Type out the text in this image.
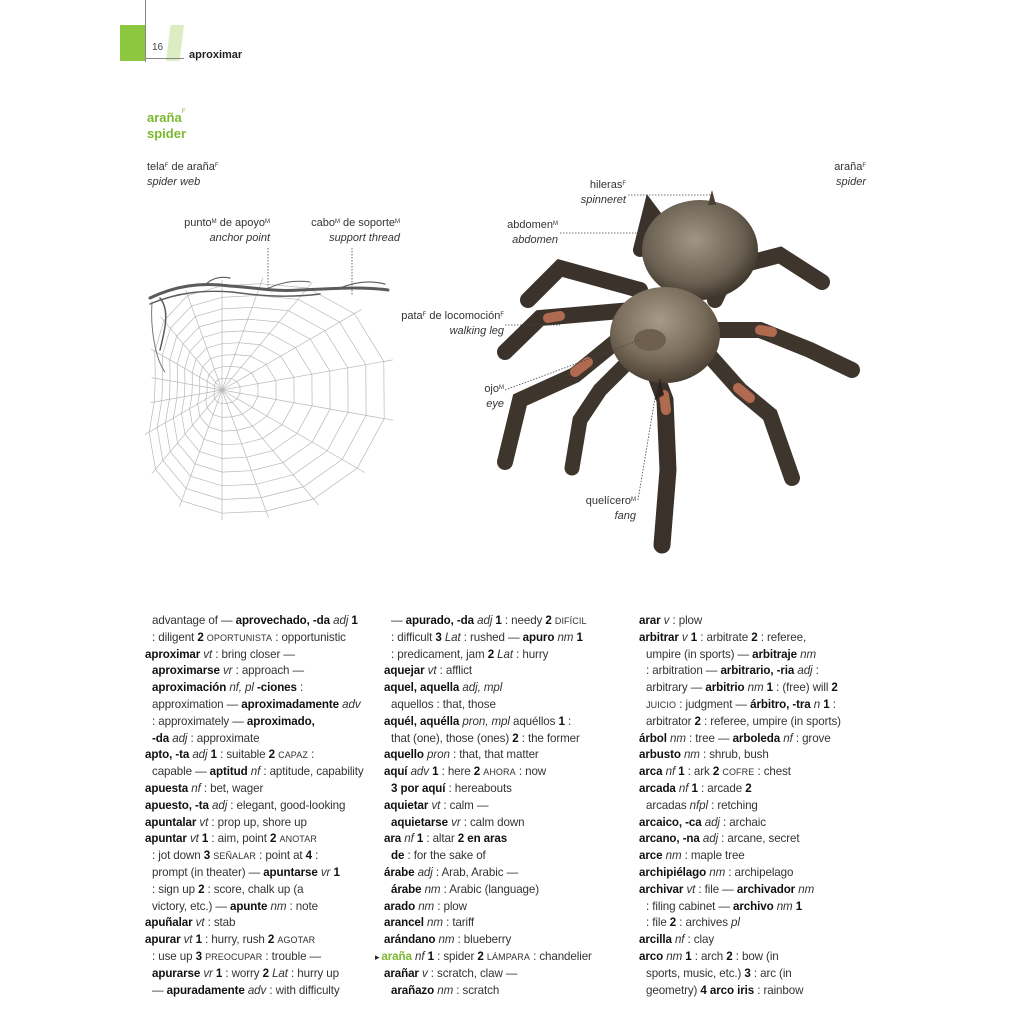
16
aproximar
araña$^F$
spider
tela$^F$ de araña$^F$
spider web
punto$^M$ de apoyo$^M$
anchor point
cabo$^M$ de soporte$^M$
support thread
araña$^F$
spider
hileras$^F$
spinneret
abdomen$^M$
abdomen
pata$^F$ de locomoción$^F$
walking leg
ojo$^M$
eye
quelícero$^M$
fang
advantage of — aprovechado, -da adj 1
: diligent 2 OPORTUNISTA : opportunistic
aproximar vt : bring closer —
aproximarse vr : approach —
aproximación nf, pl -ciones :
approximation — aproximadamente adv
: approximately — aproximado,
-da adj : approximate
apto, -ta adj 1 : suitable 2 CAPAZ :
capable — aptitud nf : aptitude, capability
apuesta nf : bet, wager
apuesto, -ta adj : elegant, good-looking
apuntalar vt : prop up, shore up
apuntar vt 1 : aim, point 2 ANOTAR
: jot down 3 SEÑALAR : point at 4 :
prompt (in theater) — apuntarse vr 1
: sign up 2 : score, chalk up (a
victory, etc.) — apunte nm : note
apuñalar vt : stab
apurar vt 1 : hurry, rush 2 AGOTAR
: use up 3 PREOCUPAR : trouble —
apurarse vr 1 : worry 2 Lat : hurry up
— apuradamente adv : with difficulty
— apurado, -da adj 1 : needy 2 DIFÍCIL
: difficult 3 Lat : rushed — apuro nm 1
: predicament, jam 2 Lat : hurry
aquejar vt : afflict
aquel, aquella adj, mpl
aquellos : that, those
aquél, aquélla pron, mpl aquéllos 1 :
that (one), those (ones) 2 : the former
aquello pron : that, that matter
aquí adv 1 : here 2 AHORA : now
3 por aquí : hereabouts
aquietar vt : calm —
aquietarse vr : calm down
ara nf 1 : altar 2 en aras
de : for the sake of
árabe adj : Arab, Arabic —
árabe nm : Arabic (language)
arado nm : plow
arancel nm : tariff
arándano nm : blueberry
▸ araña nf 1 : spider 2 LÁMPARA : chandelier
arañar v : scratch, claw —
arañazo nm : scratch
arar v : plow
arbitrar v 1 : arbitrate 2 : referee,
umpire (in sports) — arbitraje nm
: arbitration — arbitrario, -ria adj :
arbitrary — arbitrio nm 1 : (free) will 2
JUICIO : judgment — árbitro, -tra n 1 :
arbitrator 2 : referee, umpire (in sports)
árbol nm : tree — arboleda nf : grove
arbusto nm : shrub, bush
arca nf 1 : ark 2 COFRE : chest
arcada nf 1 : arcade 2
arcadas nfpl : retching
arcaico, -ca adj : archaic
arcano, -na adj : arcane, secret
arce nm : maple tree
archipiélago nm : archipelago
archivar vt : file — archivador nm
: filing cabinet — archivo nm 1
: file 2 : archives pl
arcilla nf : clay
arco nm 1 : arch 2 : bow (in
sports, music, etc.) 3 : arc (in
geometry) 4 arco iris : rainbow
